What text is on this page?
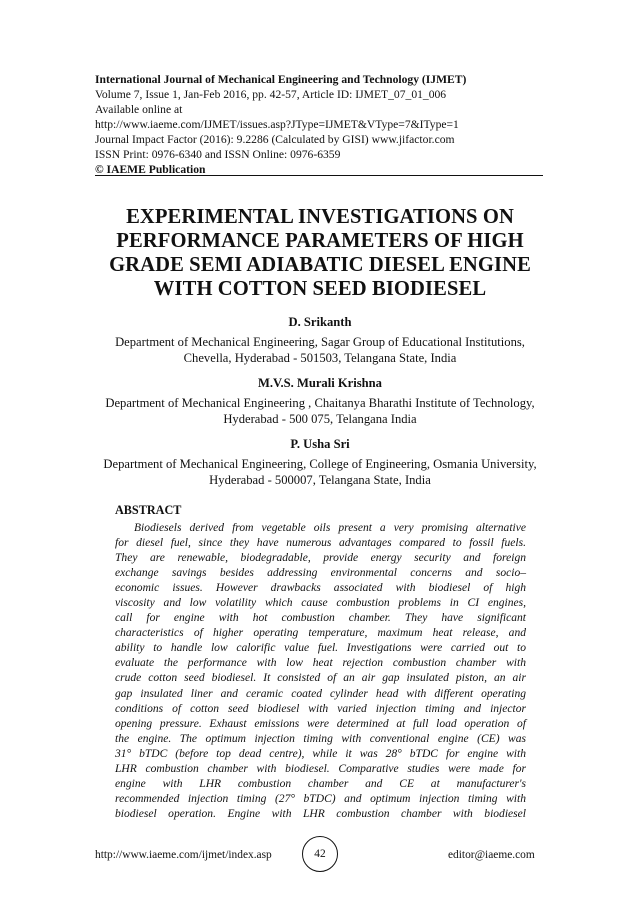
International Journal of Mechanical Engineering and Technology (IJMET)
Volume 7, Issue 1, Jan-Feb 2016, pp. 42-57, Article ID: IJMET_07_01_006
Available online at
http://www.iaeme.com/IJMET/issues.asp?JType=IJMET&VType=7&IType=1
Journal Impact Factor (2016): 9.2286 (Calculated by GISI) www.jifactor.com
ISSN Print: 0976-6340 and ISSN Online: 0976-6359
© IAEME Publication
EXPERIMENTAL INVESTIGATIONS ON
PERFORMANCE PARAMETERS OF HIGH
GRADE SEMI ADIABATIC DIESEL ENGINE
WITH COTTON SEED BIODIESEL
D. Srikanth
Department of Mechanical Engineering, Sagar Group of Educational Institutions,
Chevella, Hyderabad - 501503, Telangana State, India
M.V.S. Murali Krishna
Department of Mechanical Engineering , Chaitanya Bharathi Institute of Technology,
Hyderabad - 500 075, Telangana India
P. Usha Sri
Department of Mechanical Engineering, College of Engineering, Osmania University,
Hyderabad - 500007, Telangana State, India
ABSTRACT
Biodiesels derived from vegetable oils present a very promising alternative
for diesel fuel, since they have numerous advantages compared to fossil fuels.
They are renewable, biodegradable, provide energy security and foreign
exchange savings besides addressing environmental concerns and socio–
economic issues. However drawbacks associated with biodiesel of high
viscosity and low volatility which cause combustion problems in CI engines,
call for engine with hot combustion chamber. They have significant
characteristics of higher operating temperature, maximum heat release, and
ability to handle low calorific value fuel. Investigations were carried out to
evaluate the performance with low heat rejection combustion chamber with
crude cotton seed biodiesel. It consisted of an air gap insulated piston, an air
gap insulated liner and ceramic coated cylinder head with different operating
conditions of cotton seed biodiesel with varied injection timing and injector
opening pressure. Exhaust emissions were determined at full load operation of
the engine. The optimum injection timing with conventional engine (CE) was
31° bTDC (before top dead centre), while it was 28° bTDC for engine with
LHR combustion chamber with biodiesel. Comparative studies were made for
engine with LHR combustion chamber and CE at manufacturer's
recommended injection timing (27° bTDC) and optimum injection timing with
biodiesel operation. Engine with LHR combustion chamber with biodiesel
http://www.iaeme.com/ijmet/index.asp	42	editor@iaeme.com
